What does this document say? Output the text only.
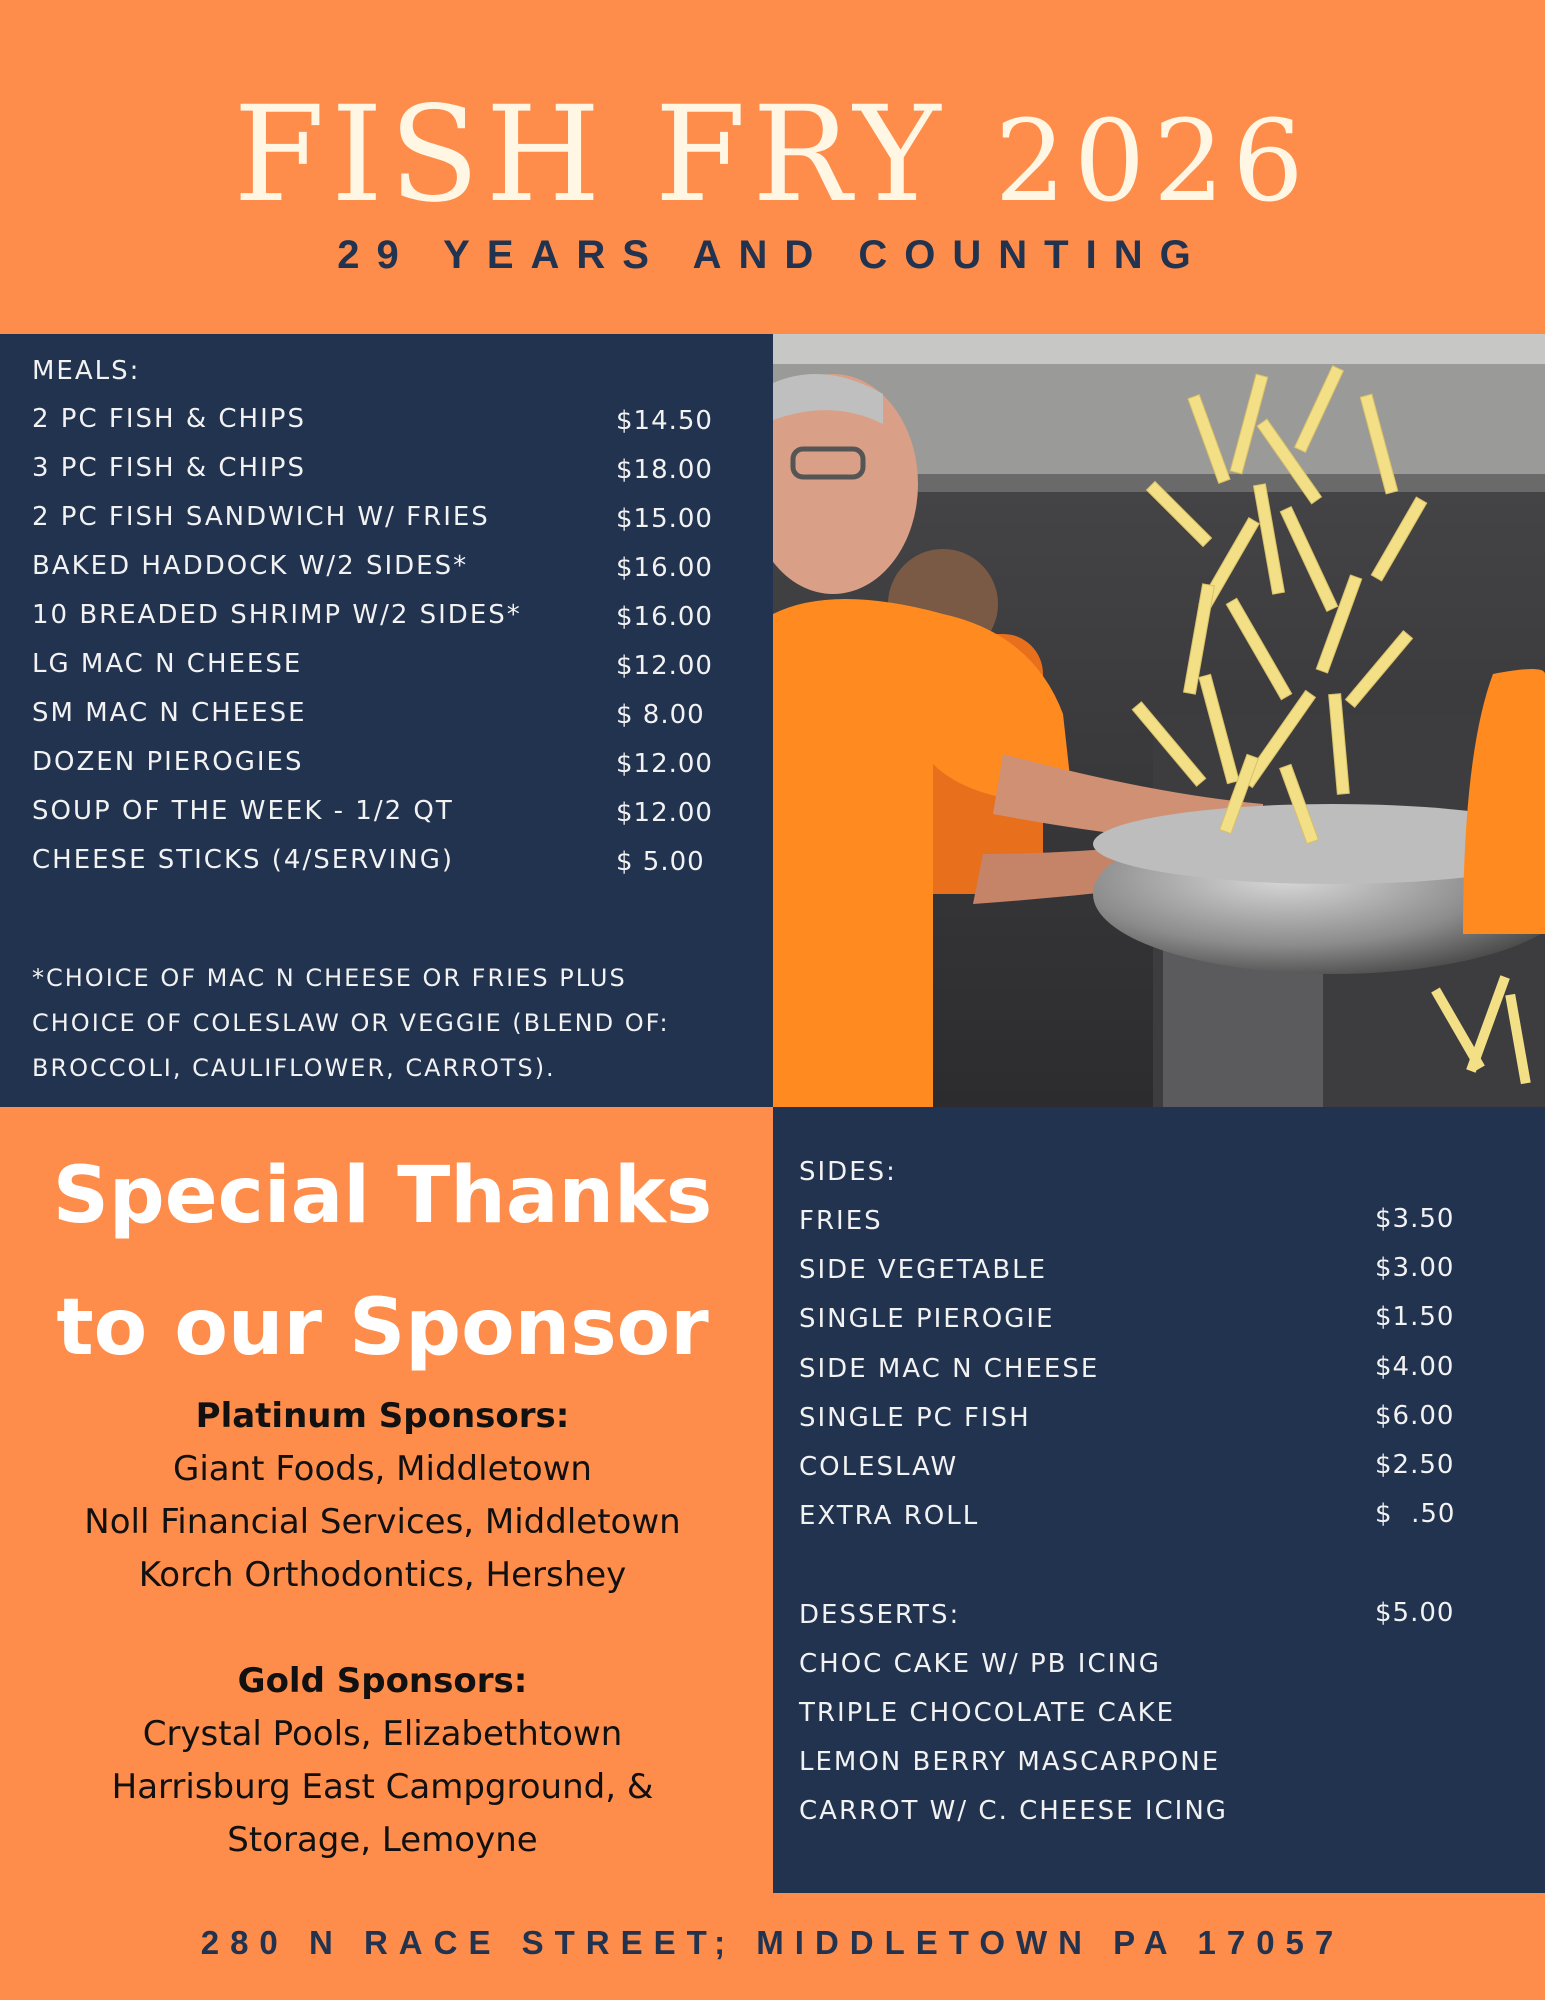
FISH FRY 2026
29 YEARS AND COUNTING
MEALS:
2 PC FISH & CHIPS	$14.50
3 PC FISH & CHIPS	$18.00
2 PC FISH SANDWICH W/ FRIES	$15.00
BAKED HADDOCK W/2 SIDES*	$16.00
10 BREADED SHRIMP W/2 SIDES*	$16.00
LG MAC N CHEESE	$12.00
SM MAC N CHEESE	$ 8.00
DOZEN PIEROGIES	$12.00
SOUP OF THE WEEK - 1/2 QT	$12.00
CHEESE STICKS (4/SERVING)	$ 5.00
*CHOICE OF MAC N CHEESE OR FRIES PLUS
CHOICE OF COLESLAW OR VEGGIE (BLEND OF:
BROCCOLI, CAULIFLOWER, CARROTS).
Special Thanks
to our Sponsor
Platinum Sponsors:
Giant Foods, Middletown
Noll Financial Services, Middletown
Korch Orthodontics, Hershey
Gold Sponsors:
Crystal Pools, Elizabethtown
Harrisburg East Campground, &
Storage, Lemoyne
SIDES:
FRIES	$3.50
SIDE VEGETABLE	$3.00
SINGLE PIEROGIE	$1.50
SIDE MAC N CHEESE	$4.00
SINGLE PC FISH	$6.00
COLESLAW	$2.50
EXTRA ROLL	$  .50
DESSERTS:	$5.00
CHOC CAKE W/ PB ICING
TRIPLE CHOCOLATE CAKE
LEMON BERRY MASCARPONE
CARROT W/ C. CHEESE ICING
280 N RACE STREET; MIDDLETOWN PA 17057
